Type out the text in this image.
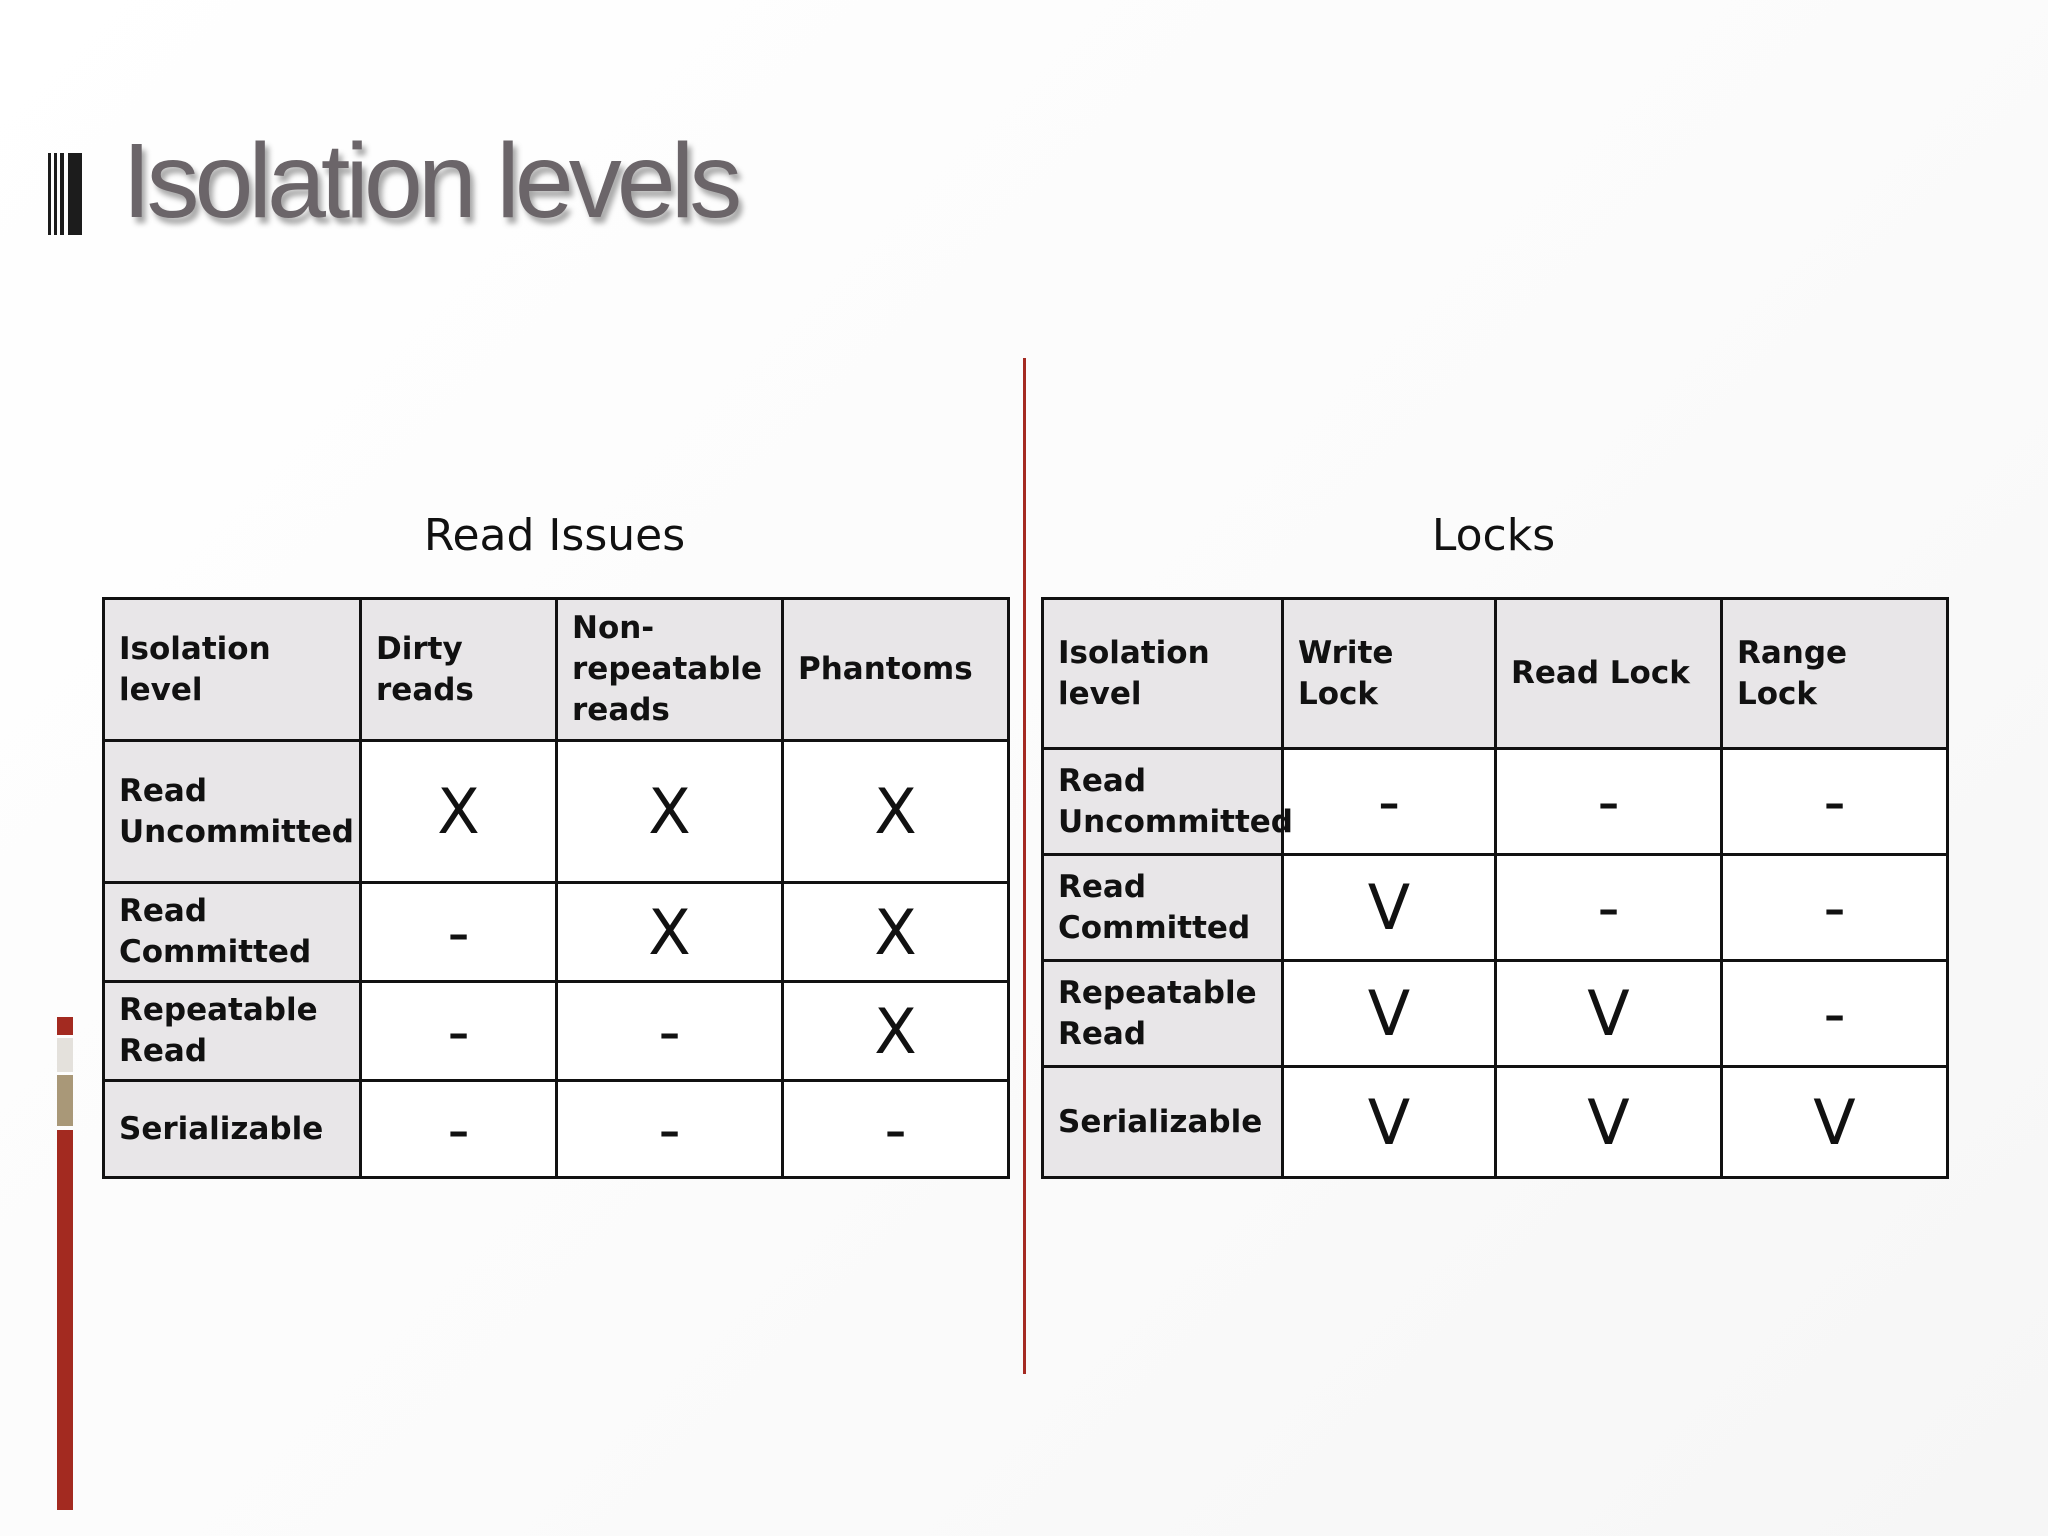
Isolation levels
Read Issues
Isolation level	Dirty reads	Non-repeatable reads	Phantoms
Read Uncommitted	X	X	X
Read Committed	-	X	X
Repeatable Read	-	-	X
Serializable	-	-	-
Locks
Isolation level	Write Lock	Read Lock	Range Lock
Read Uncommitted	-	-	-
Read Committed	V	-	-
Repeatable Read	V	V	-
Serializable	V	V	V
